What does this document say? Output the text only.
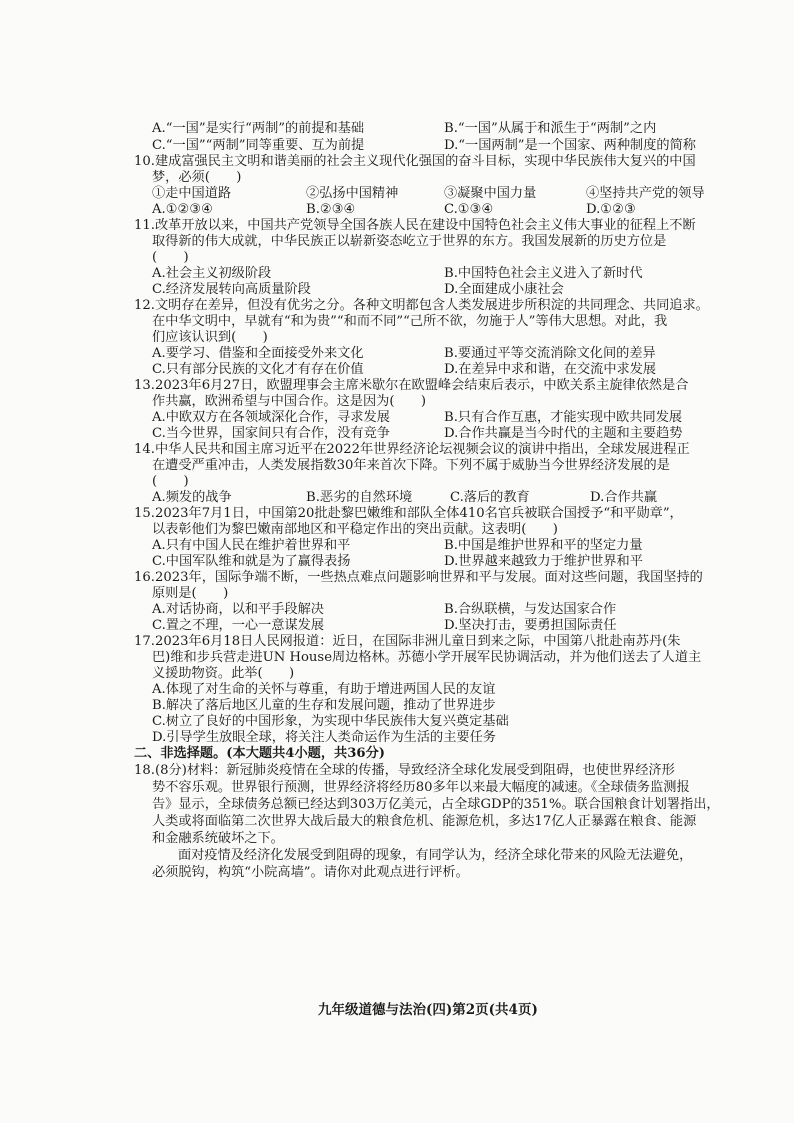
A.“一国”是实行“两制”的前提和基础	B.“一国”从属于和派生于“两制”之内
C.“一国”“两制”同等重要、互为前提	D.“一国两制”是一个国家、两种制度的简称
10.建成富强民主文明和谐美丽的社会主义现代化强国的奋斗目标，实现中华民族伟大复兴的中国
梦，必须(　　)
①走中国道路	②弘扬中国精神	③凝聚中国力量	④坚持共产党的领导
A.①②③④	B.②③④	C.①③④	D.①②③
11.改革开放以来，中国共产党领导全国各族人民在建设中国特色社会主义伟大事业的征程上不断
取得新的伟大成就，中华民族正以崭新姿态屹立于世界的东方。我国发展新的历史方位是
(　　)
A.社会主义初级阶段	B.中国特色社会主义进入了新时代
C.经济发展转向高质量阶段	D.全面建成小康社会
12.文明存在差异，但没有优劣之分。各种文明都包含人类发展进步所积淀的共同理念、共同追求。
在中华文明中，早就有“和为贵”“和而不同”“己所不欲，勿施于人”等伟大思想。对此，我
们应该认识到(　　)
A.要学习、借鉴和全面接受外来文化	B.要通过平等交流消除文化间的差异
C.只有部分民族的文化才有存在价值	D.在差异中求和谐，在交流中求发展
13.2023年6月27日，欧盟理事会主席米歇尔在欧盟峰会结束后表示，中欧关系主旋律依然是合
作共赢，欧洲希望与中国合作。这是因为(　　)
A.中欧双方在各领域深化合作，寻求发展	B.只有合作互惠，才能实现中欧共同发展
C.当今世界，国家间只有合作，没有竞争	D.合作共赢是当今时代的主题和主要趋势
14.中华人民共和国主席习近平在2022年世界经济论坛视频会议的演讲中指出，全球发展进程正
在遭受严重冲击，人类发展指数30年来首次下降。下列不属于威胁当今世界经济发展的是
(　　)
A.频发的战争	B.恶劣的自然环境	C.落后的教育	D.合作共赢
15.2023年7月1日，中国第20批赴黎巴嫩维和部队全体410名官兵被联合国授予“和平勋章”，
以表彰他们为黎巴嫩南部地区和平稳定作出的突出贡献。这表明(　　)
A.只有中国人民在维护着世界和平	B.中国是维护世界和平的坚定力量
C.中国军队维和就是为了赢得表扬	D.世界越来越致力于维护世界和平
16.2023年，国际争端不断，一些热点难点问题影响世界和平与发展。面对这些问题，我国坚持的
原则是(　　)
A.对话协商，以和平手段解决	B.合纵联横，与发达国家合作
C.置之不理，一心一意谋发展	D.坚决打击，要勇担国际责任
17.2023年6月18日人民网报道：近日，在国际非洲儿童日到来之际，中国第八批赴南苏丹(朱
巴)维和步兵营走进UN House周边格林。苏德小学开展军民协调活动，并为他们送去了人道主
义援助物资。此举(　　)
A.体现了对生命的关怀与尊重，有助于增进两国人民的友谊
B.解决了落后地区儿童的生存和发展问题，推动了世界进步
C.树立了良好的中国形象，为实现中华民族伟大复兴奠定基础
D.引导学生放眼全球，将关注人类命运作为生活的主要任务
二、非选择题。(本大题共4小题，共36分)
18.(8分)材料：新冠肺炎疫情在全球的传播，导致经济全球化发展受到阻碍，也使世界经济形
势不容乐观。世界银行预测，世界经济将经历80多年以来最大幅度的减速。《全球债务监测报
告》显示，全球债务总额已经达到303万亿美元，占全球GDP的351%。联合国粮食计划署指出，
人类或将面临第二次世界大战后最大的粮食危机、能源危机，多达17亿人正暴露在粮食、能源
和金融系统破坏之下。
面对疫情及经济化发展受到阻碍的现象，有同学认为，经济全球化带来的风险无法避免，
必须脱钩，构筑“小院高墙”。请你对此观点进行评析。
九年级道德与法治(四)第2页(共4页)
